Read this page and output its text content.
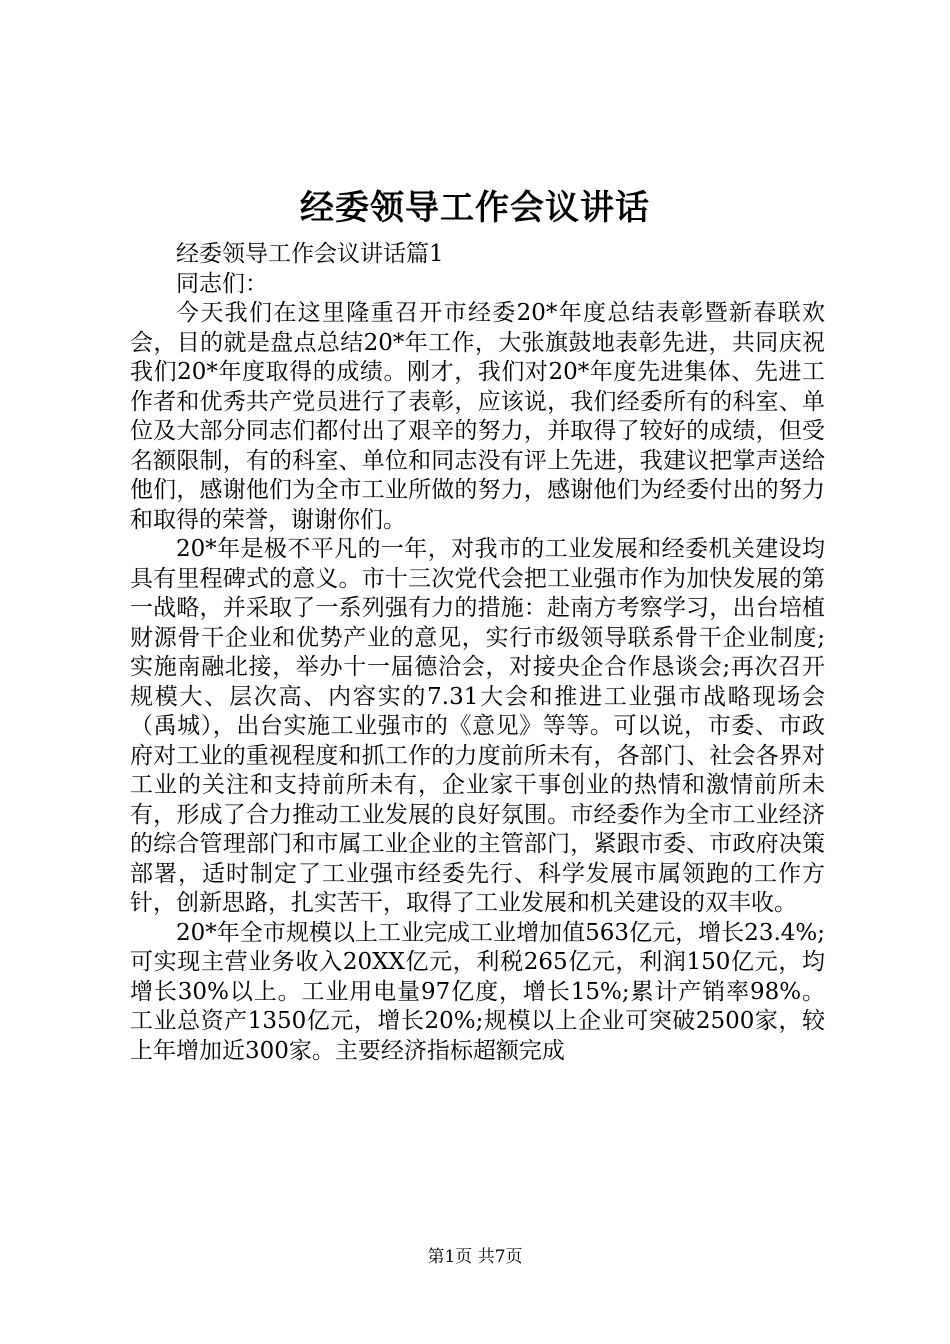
经委领导工作会议讲话

经委领导工作会议讲话篇1

同志们：

今天我们在这里隆重召开市经委20*年度总结表彰暨新春联欢会，目的就是盘点总结20*年工作，大张旗鼓地表彰先进，共同庆祝我们20*年度取得的成绩。刚才，我们对20*年度先进集体、先进工作者和优秀共产党员进行了表彰，应该说，我们经委所有的科室、单位及大部分同志们都付出了艰辛的努力，并取得了较好的成绩，但受名额限制，有的科室、单位和同志没有评上先进，我建议把掌声送给他们，感谢他们为全市工业所做的努力，感谢他们为经委付出的努力和取得的荣誉，谢谢你们。

20*年是极不平凡的一年，对我市的工业发展和经委机关建设均具有里程碑式的意义。市十三次党代会把工业强市作为加快发展的第一战略，并采取了一系列强有力的措施：赴南方考察学习，出台培植财源骨干企业和优势产业的意见，实行市级领导联系骨干企业制度;实施南融北接，举办十一届德洽会，对接央企合作恳谈会;再次召开规模大、层次高、内容实的7.31大会和推进工业强市战略现场会（禹城），出台实施工业强市的《意见》等等。可以说，市委、市政府对工业的重视程度和抓工作的力度前所未有，各部门、社会各界对工业的关注和支持前所未有，企业家干事创业的热情和激情前所未有，形成了合力推动工业发展的良好氛围。市经委作为全市工业经济的综合管理部门和市属工业企业的主管部门，紧跟市委、市政府决策部署，适时制定了工业强市经委先行、科学发展市属领跑的工作方针，创新思路，扎实苦干，取得了工业发展和机关建设的双丰收。

20*年全市规模以上工业完成工业增加值563亿元，增长23.4%;可实现主营业务收入20XX亿元，利税265亿元，利润150亿元，均增长30%以上。工业用电量97亿度，增长15%;累计产销率98%。工业总资产1350亿元，增长20%;规模以上企业可突破2500家，较上年增加近300家。主要经济指标超额完成

第1页 共7页
